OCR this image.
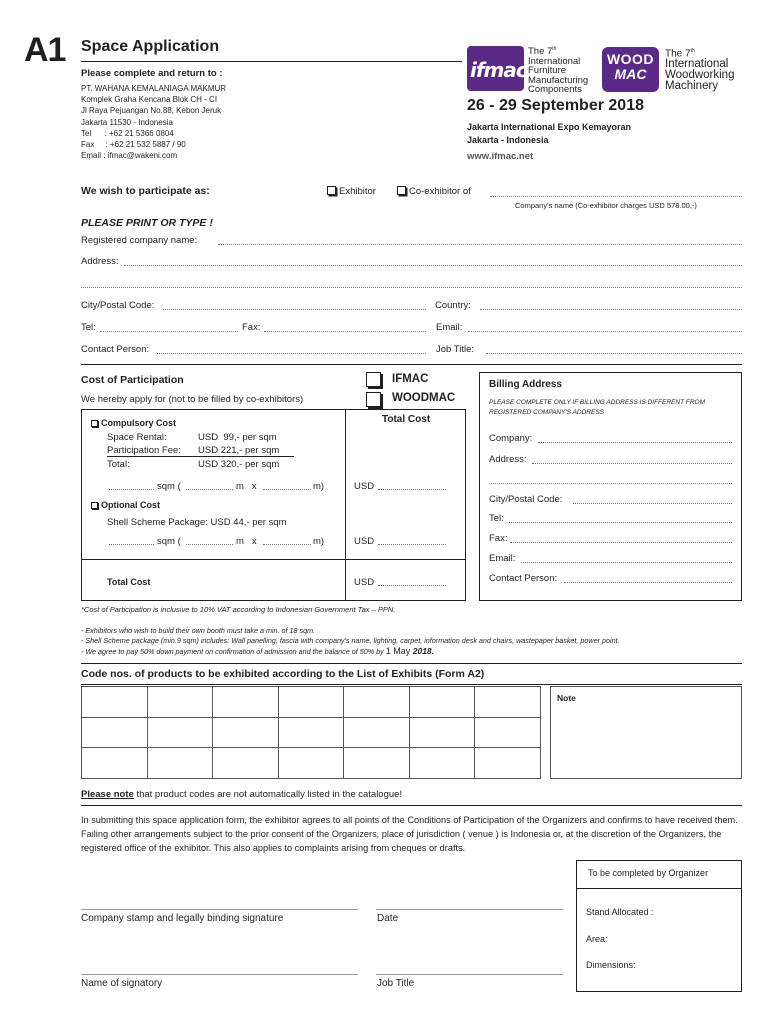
A1 Space Application
Please complete and return to :
PT. WAHANA KEMALANIAGA MAKMUR
Komplek Graha Kencana Blok CH - CI
Jl Raya Pejuangan No.88, Kebon Jeruk
Jakarta 11530 - Indonesia
Tel      : +62 21 5366 0804
Fax     : +62 21 532 5887 / 90
Email : ifmac@wakeni.com
ifmac
The 7th
International
Furniture
Manufacturing
Components
WOOD
MAC
The 7th
International
Woodworking
Machinery
26 - 29 September 2018
Jakarta International Expo Kemayoran
Jakarta - Indonesia
www.ifmac.net
We wish to participate as:	Exhibitor	Co-exhibitor of
Company's name (Co-exhibitor charges USD 578.00,-)
PLEASE PRINT OR TYPE !
Registered company name:
Address:
City/Postal Code:	Country:
Tel:	Fax:	Email:
Contact Person:	Job Title:
Cost of Participation
We hereby apply for (not to be filled by co-exhibitors)
IFMAC
WOODMAC
Total Cost
Compulsory Cost
Space Rental:	USD  99,- per sqm
Participation Fee: USD 221,- per sqm
Total:	USD 320,- per sqm
sqm (	m   x	m)	USD
Optional Cost
Shell Scheme Package: USD 44,- per sqm
sqm (	m   x	m)	USD
Total Cost	USD
*Cost of Participation is inclusive to 10% VAT according to Indonesian Government Tax – PPN.
Billing Address
PLEASE COMPLETE ONLY IF BILLING ADDRESS IS DIFFERENT FROM REGISTERED COMPANY'S ADDRESS
Company:
Address:
City/Postal Code:
Tel:
Fax:
Email:
Contact Person:
- Exhibitors who wish to build their own booth must take a min. of 18 sqm.
- Shell Scheme package (min.9 sqm) includes: Wall panelling, fascia with company's name, lighting, carpet, information desk and chairs, wastepaper basket, power point.
- We agree to pay 50% down payment on confirmation of admission and the balance of 50% by 1 May 2018.
Code nos. of products to be exhibited according to the List of Exhibits (Form A2)

Note
Please note that product codes are not automatically listed in the catalogue!
In submitting this space application form, the exhibitor agrees to all points of the Conditions of Participation of the Organizers and confirms to have received them. Failing other arrangements subject to the prior consent of the Organizers, place of jurisdiction ( venue ) is Indonesia or, at the discretion of the Organizers, the registered office of the exhibitor. This also applies to complaints arising from cheques or drafts.
Company stamp and legally binding signature	Date
Name of signatory	Job Title
To be completed by Organizer
Stand Allocated :
Area:
Dimensions:
